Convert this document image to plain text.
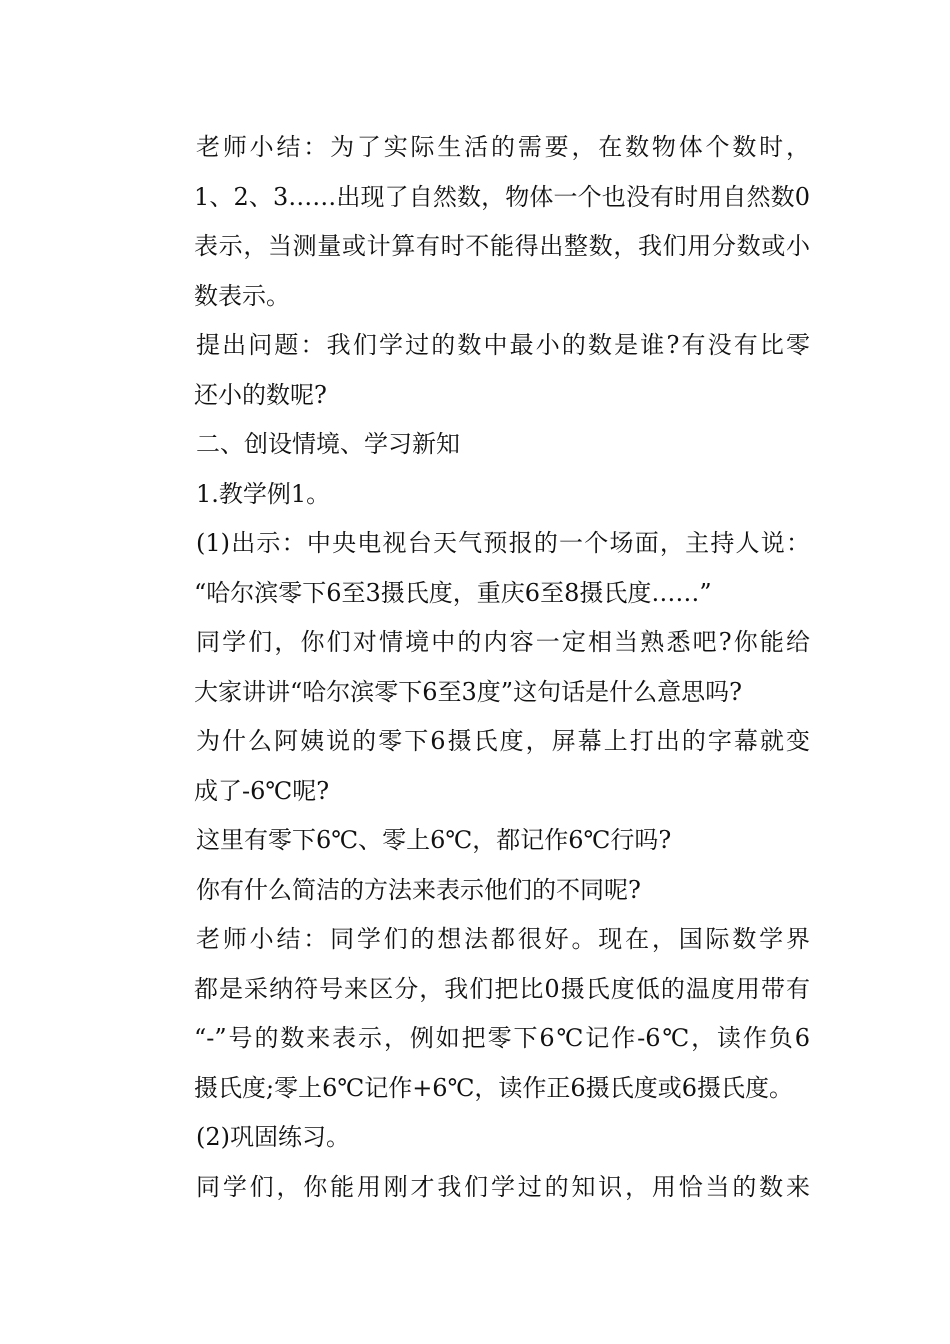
老师小结：为了实际生活的需要，在数物体个数时，
1、2、3……出现了自然数，物体一个也没有时用自然数0
表示，当测量或计算有时不能得出整数，我们用分数或小
数表示。
提出问题：我们学过的数中最小的数是谁?有没有比零
还小的数呢?
二、创设情境、学习新知
1.教学例1。
(1)出示：中央电视台天气预报的一个场面，主持人说：
“哈尔滨零下6至3摄氏度，重庆6至8摄氏度……”
同学们，你们对情境中的内容一定相当熟悉吧?你能给
大家讲讲“哈尔滨零下6至3度”这句话是什么意思吗?
为什么阿姨说的零下6摄氏度，屏幕上打出的字幕就变
成了-6℃呢?
这里有零下6℃、零上6℃，都记作6℃行吗?
你有什么简洁的方法来表示他们的不同呢?
老师小结：同学们的想法都很好。现在，国际数学界
都是采纳符号来区分，我们把比0摄氏度低的温度用带有
“-”号的数来表示，例如把零下6℃记作-6℃，读作负6
摄氏度;零上6℃记作+6℃，读作正6摄氏度或6摄氏度。
(2)巩固练习。
同学们，你能用刚才我们学过的知识，用恰当的数来
